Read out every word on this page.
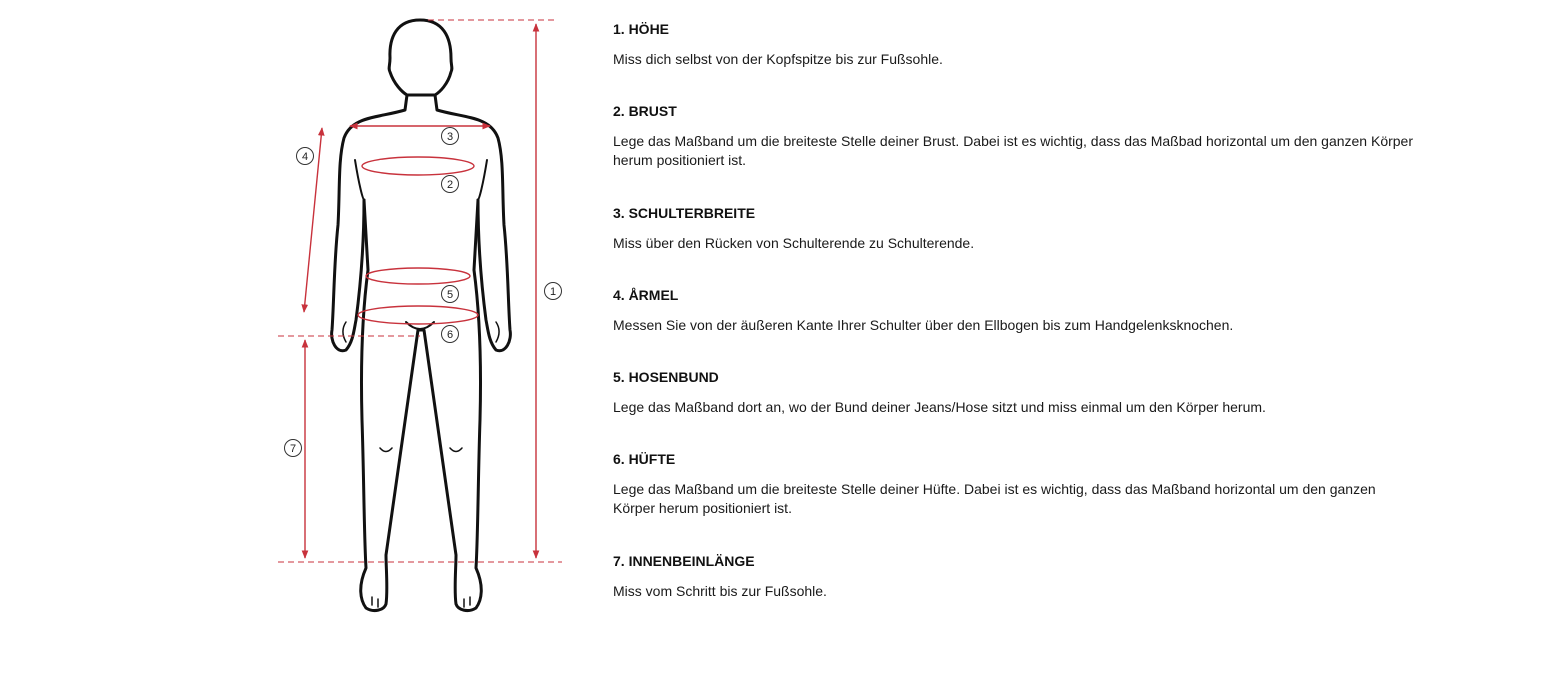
1
2
3
4
5
6
7
1. HÖHE

Miss dich selbst von der Kopfspitze bis zur Fußsohle.

2. BRUST

Lege das Maßband um die breiteste Stelle deiner Brust. Dabei ist es wichtig, dass das Maßbad horizontal um den ganzen Körper herum positioniert ist.

3. SCHULTERBREITE

Miss über den Rücken von Schulterende zu Schulterende.

4. ÅRMEL

Messen Sie von der äußeren Kante Ihrer Schulter über den Ellbogen bis zum Handgelenksknochen.

5. HOSENBUND

Lege das Maßband dort an, wo der Bund deiner Jeans/Hose sitzt und miss einmal um den Körper herum.

6. HÜFTE

Lege das Maßband um die breiteste Stelle deiner Hüfte. Dabei ist es wichtig, dass das Maßband horizontal um den ganzen Körper herum positioniert ist.

7. INNENBEINLÄNGE

Miss vom Schritt bis zur Fußsohle.
